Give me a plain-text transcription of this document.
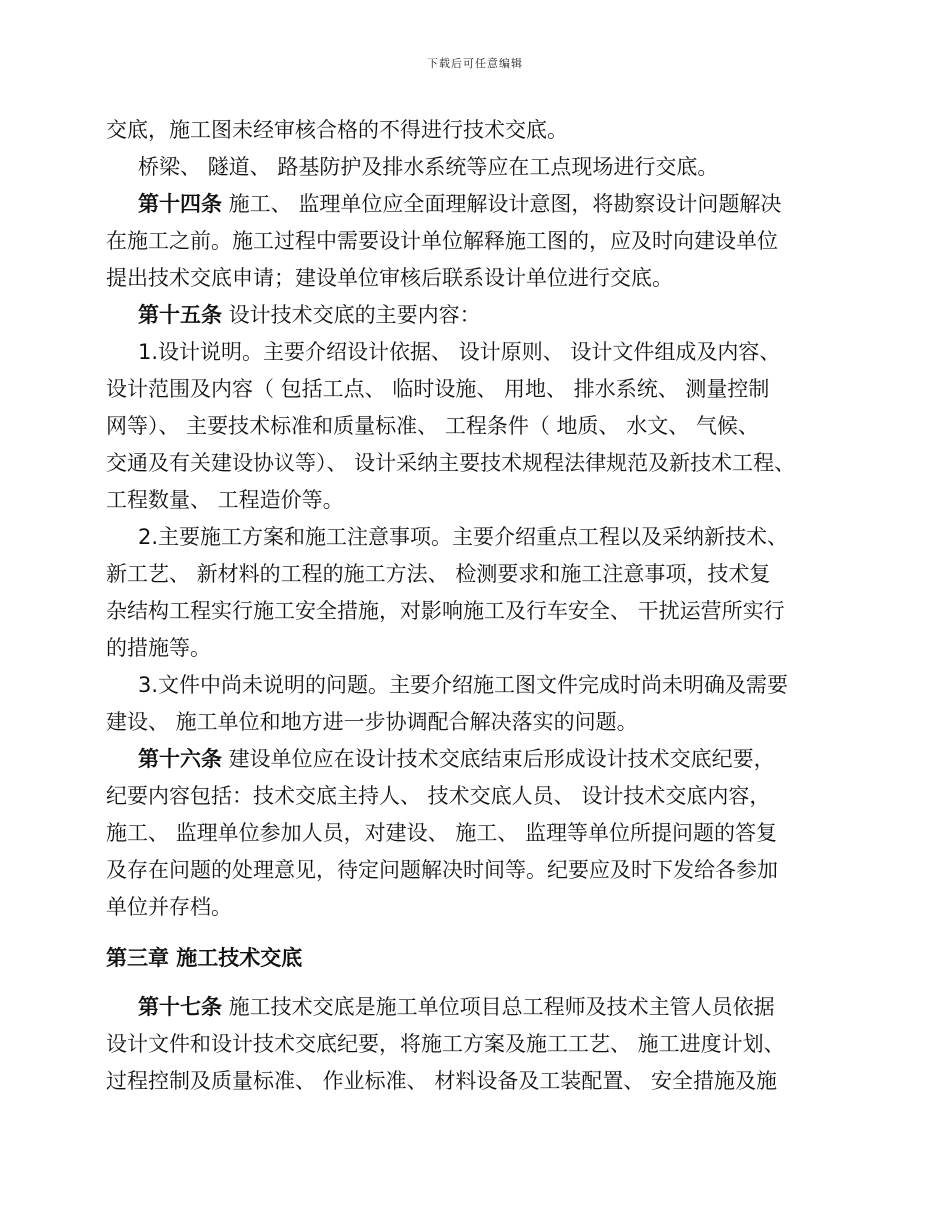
下载后可任意编辑

交底，施工图未经审核合格的不得进行技术交底。

桥梁、 隧道、 路基防护及排水系统等应在工点现场进行交底。

第十四条 施工、 监理单位应全面理解设计意图，将勘察设计问题解决
在施工之前。施工过程中需要设计单位解释施工图的，应及时向建设单位
提出技术交底申请；建设单位审核后联系设计单位进行交底。

第十五条 设计技术交底的主要内容：

1.设计说明。主要介绍设计依据、 设计原则、 设计文件组成及内容、
设计范围及内容（ 包括工点、 临时设施、 用地、 排水系统、 测量控制
网等）、 主要技术标准和质量标准、 工程条件（ 地质、 水文、 气候、
交通及有关建设协议等）、 设计采纳主要技术规程法律规范及新技术工程、
工程数量、 工程造价等。

2.主要施工方案和施工注意事项。主要介绍重点工程以及采纳新技术、
新工艺、 新材料的工程的施工方法、 检测要求和施工注意事项，技术复
杂结构工程实行施工安全措施，对影响施工及行车安全、 干扰运营所实行
的措施等。

3.文件中尚未说明的问题。主要介绍施工图文件完成时尚未明确及需要
建设、 施工单位和地方进一步协调配合解决落实的问题。

第十六条 建设单位应在设计技术交底结束后形成设计技术交底纪要，
纪要内容包括：技术交底主持人、 技术交底人员、 设计技术交底内容，
施工、 监理单位参加人员，对建设、 施工、 监理等单位所提问题的答复
及存在问题的处理意见，待定问题解决时间等。纪要应及时下发给各参加
单位并存档。

第三章 施工技术交底

第十七条 施工技术交底是施工单位项目总工程师及技术主管人员依据
设计文件和设计技术交底纪要，将施工方案及施工工艺、 施工进度计划、
过程控制及质量标准、 作业标准、 材料设备及工装配置、 安全措施及施
